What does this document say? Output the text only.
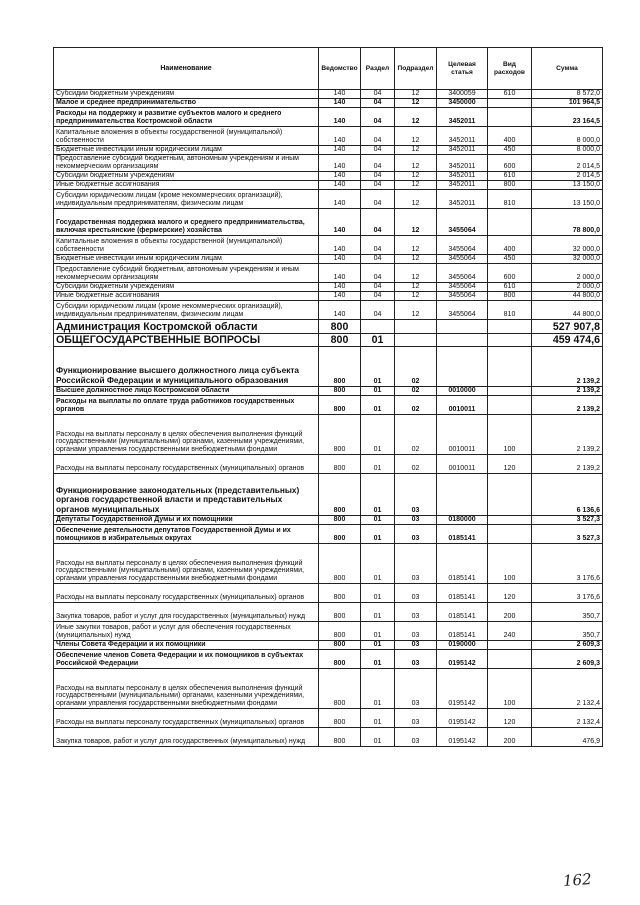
Наименование	Ведомство	Раздел	Подраздел	Целевая статья	Вид расходов	Сумма
Субсидии бюджетным учреждениям	140	04	12	3400059	610	8 572,0
Малое и среднее предпринимательство	140	04	12	3450000		101 964,5
Расходы на поддержку и развитие субъектов малого и среднего предпринимательства Костромской области	140	04	12	3452011		23 164,5
Капитальные вложения в объекты государственной (муниципальной) собственности	140	04	12	3452011	400	8 000,0
Бюджетные инвестиции иным юридическим лицам	140	04	12	3452011	450	8 000,0
Предоставление субсидий бюджетным, автономным учреждениям и иным некоммерческим организациям	140	04	12	3452011	600	2 014,5
Субсидии бюджетным учреждениям	140	04	12	3452011	610	2 014,5
Иные бюджетные ассигнования	140	04	12	3452011	800	13 150,0
Субсидии юридическим лицам (кроме некоммерческих организаций), индивидуальным предпринимателям, физическим лицам	140	04	12	3452011	810	13 150,0
Государственная поддержка малого и среднего предпринимательства, включая крестьянские (фермерские) хозяйства	140	04	12	3455064		78 800,0
Капитальные вложения в объекты государственной (муниципальной) собственности	140	04	12	3455064	400	32 000,0
Бюджетные инвестиции иным юридическим лицам	140	04	12	3455064	450	32 000,0
Предоставление субсидий бюджетным, автономным учреждениям и иным некоммерческим организациям	140	04	12	3455064	600	2 000,0
Субсидии бюджетным учреждениям	140	04	12	3455064	610	2 000,0
Иные бюджетные ассигнования	140	04	12	3455064	800	44 800,0
Субсидии юридическим лицам (кроме некоммерческих организаций), индивидуальным предпринимателям, физическим лицам	140	04	12	3455064	810	44 800,0
Администрация Костромской области	800					527 907,8
ОБЩЕГОСУДАРСТВЕННЫЕ ВОПРОСЫ	800	01				459 474,6
Функционирование высшего должностного лица субъекта Российской Федерации и муниципального образования	800	01	02			2 139,2
Высшее должностное лицо Костромской области	800	01	02	0010000		2 139,2
Расходы на выплаты по оплате труда работников государственных органов	800	01	02	0010011		2 139,2
Расходы на выплаты персоналу в целях обеспечения выполнения функций государственными (муниципальными) органами, казенными учреждениями, органами управления государственными внебюджетными фондами	800	01	02	0010011	100	2 139,2
Расходы на выплаты персоналу государственных (муниципальных) органов	800	01	02	0010011	120	2 139,2
Функционирование законодательных (представительных) органов государственной власти и представительных органов муниципальных	800	01	03			6 136,6
Депутаты Государственной Думы и их помощники	800	01	03	0180000		3 527,3
Обеспечение деятельности депутатов Государственной Думы и их помощников в избирательных округах	800	01	03	0185141		3 527,3
Расходы на выплаты персоналу в целях обеспечения выполнения функций государственными (муниципальными) органами, казенными учреждениями, органами управления государственными внебюджетными фондами	800	01	03	0185141	100	3 176,6
Расходы на выплаты персоналу государственных (муниципальных) органов	800	01	03	0185141	120	3 176,6
Закупка товаров, работ и услуг для государственных (муниципальных) нужд	800	01	03	0185141	200	350,7
Иные закупки товаров, работ и услуг для обеспечения государственных (муниципальных) нужд	800	01	03	0185141	240	350,7
Члены Совета Федерации и их помощники	800	01	03	0190000		2 609,3
Обеспечение членов Совета Федерации и их помощников в субъектах Российской Федерации	800	01	03	0195142		2 609,3
Расходы на выплаты персоналу в целях обеспечения выполнения функций государственными (муниципальными) органами, казенными учреждениями, органами управления государственными внебюджетными фондами	800	01	03	0195142	100	2 132,4
Расходы на выплаты персоналу государственных (муниципальных) органов	800	01	03	0195142	120	2 132,4
Закупка товаров, работ и услуг для государственных (муниципальных) нужд	800	01	03	0195142	200	476,9
162
